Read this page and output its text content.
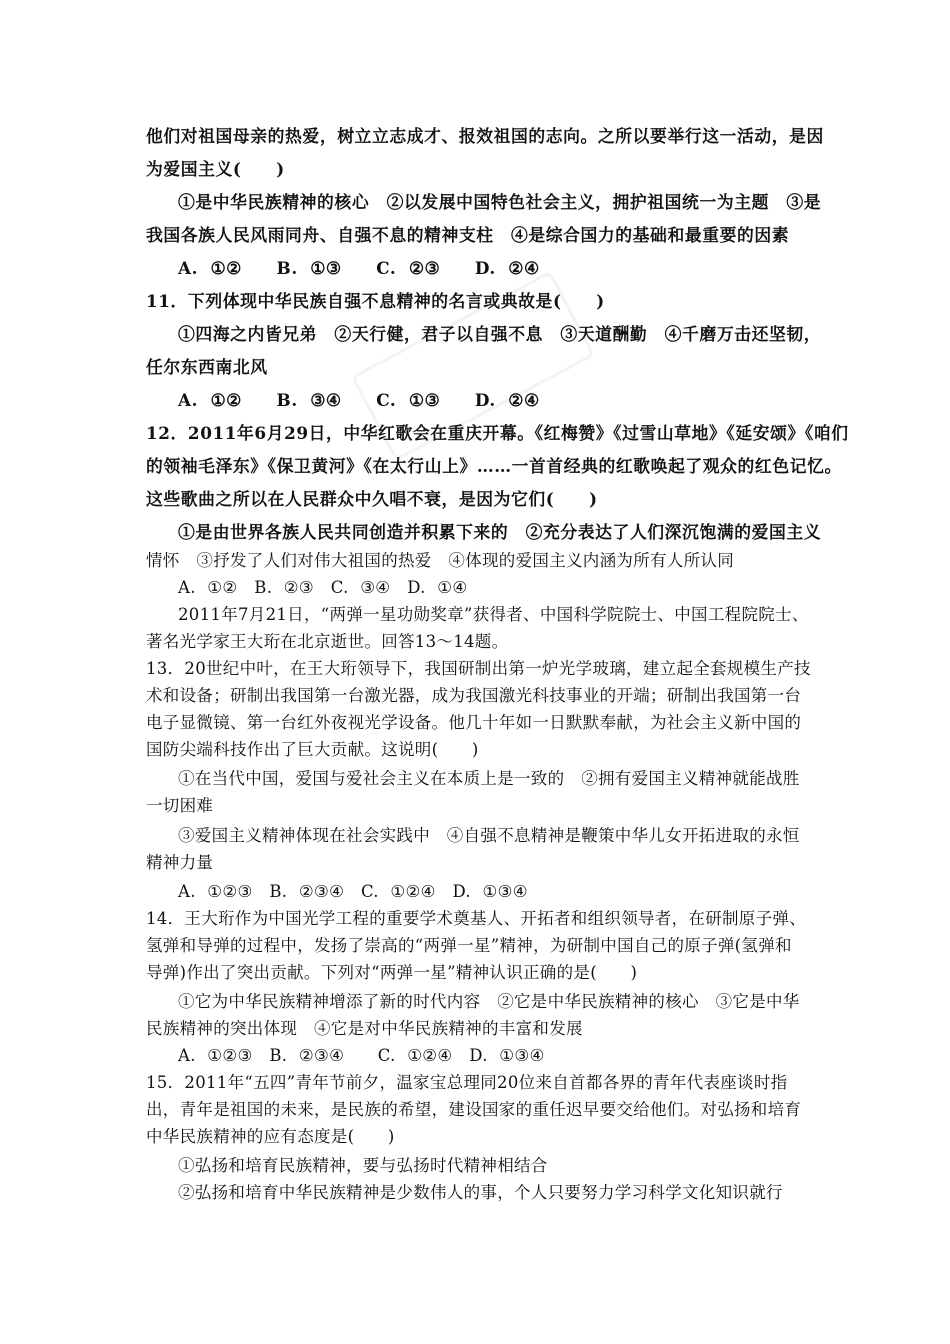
他们对祖国母亲的热爱，树立立志成才、报效祖国的志向。之所以要举行这一活动，是因
为爱国主义(　　)
①是中华民族精神的核心　②以发展中国特色社会主义，拥护祖国统一为主题　③是
我国各族人民风雨同舟、自强不息的精神支柱　④是综合国力的基础和最重要的因素
A. ①②　　B. ①③　　C. ②③　　D. ②④
11．下列体现中华民族自强不息精神的名言或典故是(　　)
①四海之内皆兄弟　②天行健，君子以自强不息　③天道酬勤　④千磨万击还坚韧，
任尔东西南北风
A. ①②　　B. ③④　　C. ①③　　D. ②④
12．2011年6月29日，中华红歌会在重庆开幕。《红梅赞》《过雪山草地》《延安颂》《咱们
的领袖毛泽东》《保卫黄河》《在太行山上》……一首首经典的红歌唤起了观众的红色记忆。
这些歌曲之所以在人民群众中久唱不衰，是因为它们(　　)
①是由世界各族人民共同创造并积累下来的　②充分表达了人们深沉饱满的爱国主义
情怀　③抒发了人们对伟大祖国的热爱　④体现的爱国主义内涵为所有人所认同
A. ①②　B. ②③　C. ③④　D. ①④
2011年7月21日，“两弹一星功勋奖章”获得者、中国科学院院士、中国工程院院士、
著名光学家王大珩在北京逝世。回答13～14题。
13．20世纪中叶，在王大珩领导下，我国研制出第一炉光学玻璃，建立起全套规模生产技
术和设备；研制出我国第一台激光器，成为我国激光科技事业的开端；研制出我国第一台
电子显微镜、第一台红外夜视光学设备。他几十年如一日默默奉献，为社会主义新中国的
国防尖端科技作出了巨大贡献。这说明(　　)
①在当代中国，爱国与爱社会主义在本质上是一致的　②拥有爱国主义精神就能战胜
一切困难
③爱国主义精神体现在社会实践中　④自强不息精神是鞭策中华儿女开拓进取的永恒
精神力量
A. ①②③　B. ②③④　C. ①②④　D. ①③④
14．王大珩作为中国光学工程的重要学术奠基人、开拓者和组织领导者，在研制原子弹、
氢弹和导弹的过程中，发扬了崇高的“两弹一星”精神，为研制中国自己的原子弹(氢弹和
导弹)作出了突出贡献。下列对“两弹一星”精神认识正确的是(　　)
①它为中华民族精神增添了新的时代内容　②它是中华民族精神的核心　③它是中华
民族精神的突出体现　④它是对中华民族精神的丰富和发展
A. ①②③　B. ②③④　　C. ①②④　D. ①③④
15．2011年“五四”青年节前夕，温家宝总理同20位来自首都各界的青年代表座谈时指
出，青年是祖国的未来，是民族的希望，建设国家的重任迟早要交给他们。对弘扬和培育
中华民族精神的应有态度是(　　)
①弘扬和培育民族精神，要与弘扬时代精神相结合
②弘扬和培育中华民族精神是少数伟人的事，个人只要努力学习科学文化知识就行
